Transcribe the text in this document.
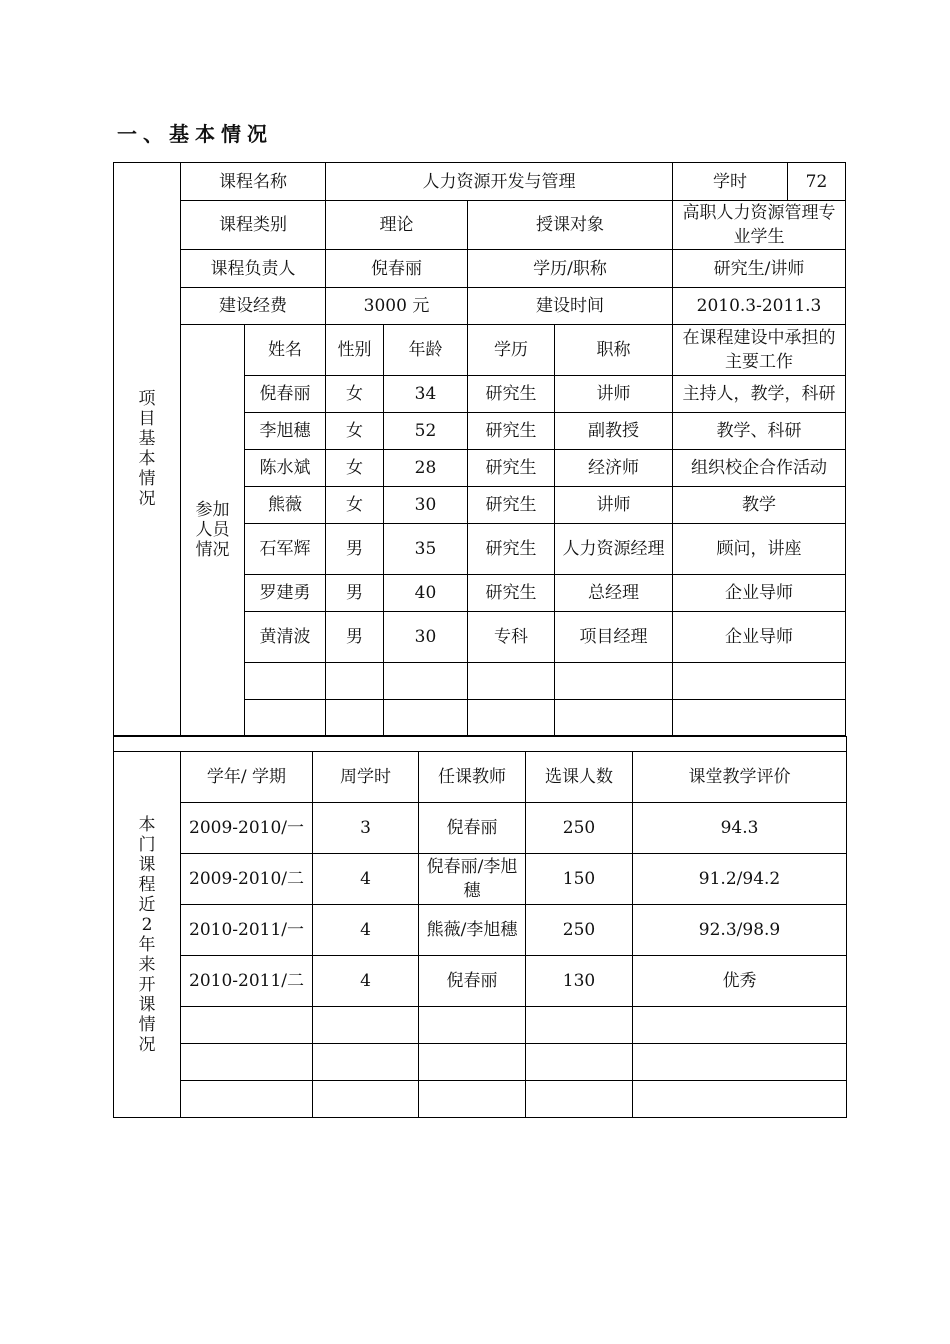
一、基本情况
项目基本情况	课程名称		人力资源开发与管理				学时	72
	课程类别		理论		授课对象		高职人力资源管理专业学生	
	课程负责人		倪春丽		学历/职称		研究生/讲师	
	建设经费		3000 元		建设时间		2010.3-2011.3	
	参加人员情况	姓名	性别	年龄	学历	职称	在课程建设中承担的主要工作	
		倪春丽	女	34	研究生	讲师	主持人，教学，科研	
		李旭穗	女	52	研究生	副教授	教学、科研	
		陈水斌	女	28	研究生	经济师	组织校企合作活动	
		熊薇	女	30	研究生	讲师	教学	
		石军辉	男	35	研究生	人力资源经理	顾问，讲座	
		罗建勇	男	40	研究生	总经理	企业导师	
		黄清波	男	30	专科	项目经理	企业导师	

本门课程近 2年来开课情况	学年/ 学期	周学时	任课教师	选课人数	课堂教学评价
	2009-2010/一	3	倪春丽	250	94.3
	2009-2010/二	4	倪春丽/李旭穗	150	91.2/94.2
	2010-2011/一	4	熊薇/李旭穗	250	92.3/98.9
	2010-2011/二	4	倪春丽	130	优秀
